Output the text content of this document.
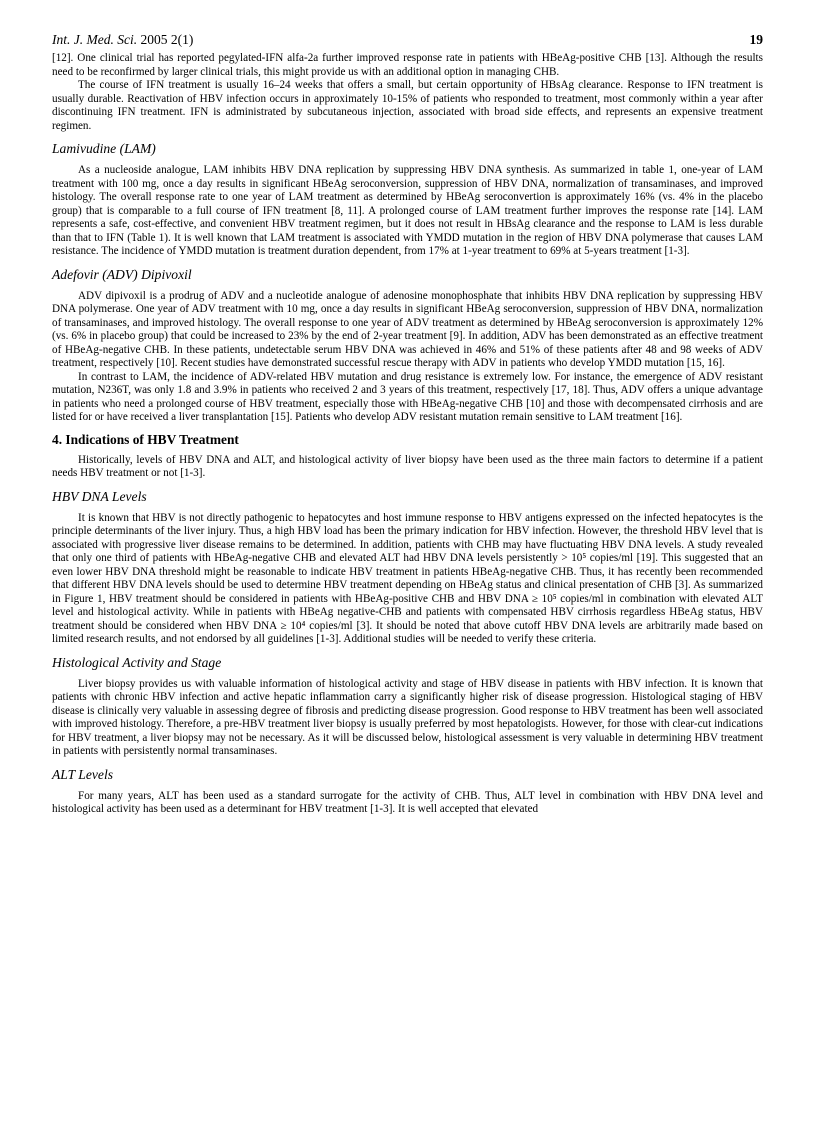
Int. J. Med. Sci. 2005 2(1)	19

[12]. One clinical trial has reported pegylated-IFN alfa-2a further improved response rate in patients with HBeAg-positive CHB [13]. Although the results need to be reconfirmed by larger clinical trials, this might provide us with an additional option in managing CHB.

The course of IFN treatment is usually 16–24 weeks that offers a small, but certain opportunity of HBsAg clearance. Response to IFN treatment is usually durable. Reactivation of HBV infection occurs in approximately 10-15% of patients who responded to treatment, most commonly within a year after discontinuing IFN treatment. IFN is administrated by subcutaneous injection, associated with broad side effects, and represents an expensive treatment regimen.

Lamivudine (LAM)

As a nucleoside analogue, LAM inhibits HBV DNA replication by suppressing HBV DNA synthesis. As summarized in table 1, one-year of LAM treatment with 100 mg, once a day results in significant HBeAg seroconversion, suppression of HBV DNA, normalization of transaminases, and improved histology. The overall response rate to one year of LAM treatment as determined by HBeAg seroconvertion is approximately 16% (vs. 4% in the placebo group) that is comparable to a full course of IFN treatment [8, 11]. A prolonged course of LAM treatment further improves the response rate [14]. LAM represents a safe, cost-effective, and convenient HBV treatment regimen, but it does not result in HBsAg clearance and the response to LAM is less durable than that to IFN (Table 1). It is well known that LAM treatment is associated with YMDD mutation in the region of HBV DNA polymerase that causes LAM resistance. The incidence of YMDD mutation is treatment duration dependent, from 17% at 1-year treatment to 69% at 5-years treatment [1-3].

Adefovir (ADV) Dipivoxil

ADV dipivoxil is a prodrug of ADV and a nucleotide analogue of adenosine monophosphate that inhibits HBV DNA replication by suppressing HBV DNA polymerase. One year of ADV treatment with 10 mg, once a day results in significant HBeAg seroconversion, suppression of HBV DNA, normalization of transaminases, and improved histology. The overall response to one year of ADV treatment as determined by HBeAg seroconversion is approximately 12% (vs. 6% in placebo group) that could be increased to 23% by the end of 2-year treatment [9]. In addition, ADV has been demonstrated as an effective treatment of HBeAg-negative CHB. In these patients, undetectable serum HBV DNA was achieved in 46% and 51% of these patients after 48 and 98 weeks of ADV treatment, respectively [10]. Recent studies have demonstrated successful rescue therapy with ADV in patients who develop YMDD mutation [15, 16].

In contrast to LAM, the incidence of ADV-related HBV mutation and drug resistance is extremely low. For instance, the emergence of ADV resistant mutation, N236T, was only 1.8 and 3.9% in patients who received 2 and 3 years of this treatment, respectively [17, 18]. Thus, ADV offers a unique advantage in patients who need a prolonged course of HBV treatment, especially those with HBeAg-negative CHB [10] and those with decompensated cirrhosis and are listed for or have received a liver transplantation [15]. Patients who develop ADV resistant mutation remain sensitive to LAM treatment [16].

4. Indications of HBV Treatment

Historically, levels of HBV DNA and ALT, and histological activity of liver biopsy have been used as the three main factors to determine if a patient needs HBV treatment or not [1-3].

HBV DNA Levels

It is known that HBV is not directly pathogenic to hepatocytes and host immune response to HBV antigens expressed on the infected hepatocytes is the principle determinants of the liver injury. Thus, a high HBV load has been the primary indication for HBV infection. However, the threshold HBV level that is associated with progressive liver disease remains to be determined. In addition, patients with CHB may have fluctuating HBV DNA levels. A study revealed that only one third of patients with HBeAg-negative CHB and elevated ALT had HBV DNA levels persistently > 10⁵ copies/ml [19]. This suggested that an even lower HBV DNA threshold might be reasonable to indicate HBV treatment in patients HBeAg-negative CHB. Thus, it has recently been recommended that different HBV DNA levels should be used to determine HBV treatment depending on HBeAg status and clinical presentation of CHB [3]. As summarized in Figure 1, HBV treatment should be considered in patients with HBeAg-positive CHB and HBV DNA ≥ 10⁵ copies/ml in combination with elevated ALT level and histological activity. While in patients with HBeAg negative-CHB and patients with compensated HBV cirrhosis regardless HBeAg status, HBV treatment should be considered when HBV DNA ≥ 10⁴ copies/ml [3]. It should be noted that above cutoff HBV DNA levels are arbitrarily made based on limited research results, and not endorsed by all guidelines [1-3]. Additional studies will be needed to verify these criteria.

Histological Activity and Stage

Liver biopsy provides us with valuable information of histological activity and stage of HBV disease in patients with HBV infection. It is known that patients with chronic HBV infection and active hepatic inflammation carry a significantly higher risk of disease progression. Histological staging of HBV disease is clinically very valuable in assessing degree of fibrosis and predicting disease progression. Good response to HBV treatment has been well associated with improved histology. Therefore, a pre-HBV treatment liver biopsy is usually preferred by most hepatologists. However, for those with clear-cut indications for HBV treatment, a liver biopsy may not be necessary. As it will be discussed below, histological assessment is very valuable in determining HBV treatment in patients with persistently normal transaminases.

ALT Levels

For many years, ALT has been used as a standard surrogate for the activity of CHB. Thus, ALT level in combination with HBV DNA level and histological activity has been used as a determinant for HBV treatment [1-3]. It is well accepted that elevated
